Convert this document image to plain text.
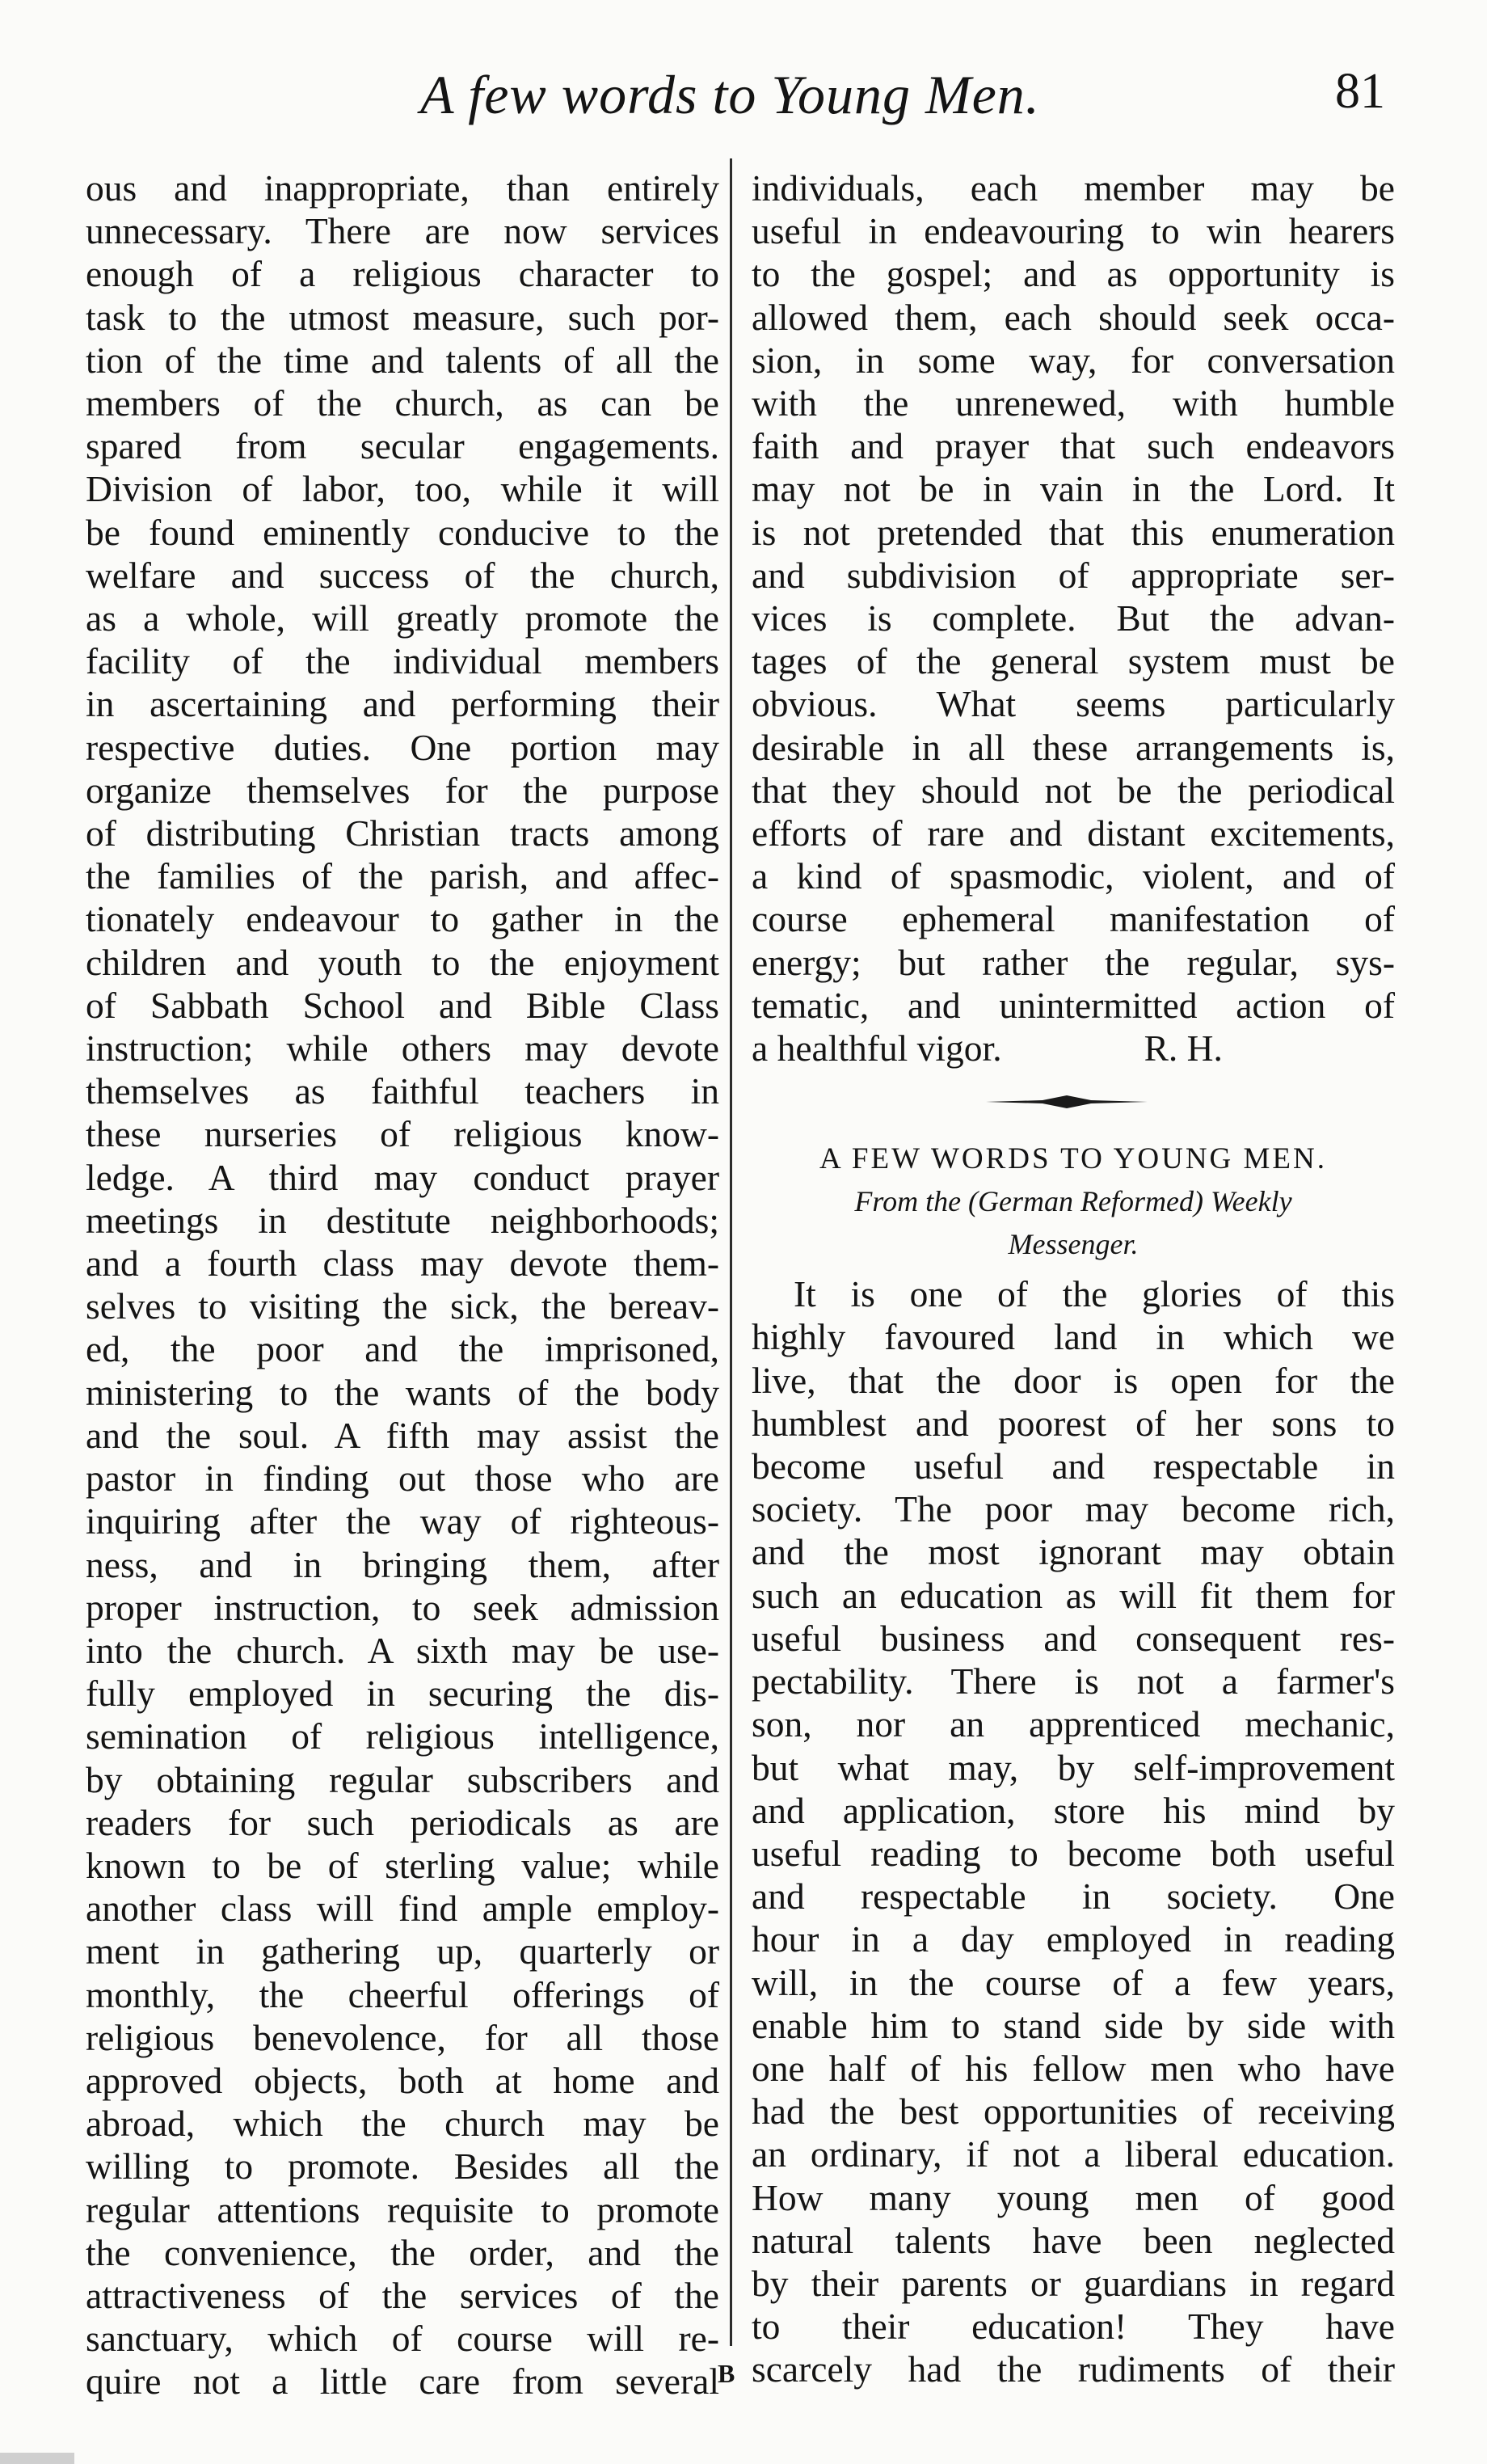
A few words to Young Men.	81
ous and inappropriate, than entirely
unnecessary. There are now services
enough of a religious character to
task to the utmost measure, such por-
tion of the time and talents of all the
members of the church, as can be
spared from secular engagements.
Division of labor, too, while it will
be found eminently conducive to the
welfare and success of the church,
as a whole, will greatly promote the
facility of the individual members
in ascertaining and performing their
respective duties. One portion may
organize themselves for the purpose
of distributing Christian tracts among
the families of the parish, and affec-
tionately endeavour to gather in the
children and youth to the enjoyment
of Sabbath School and Bible Class
instruction; while others may devote
themselves as faithful teachers in
these nurseries of religious know-
ledge. A third may conduct prayer
meetings in destitute neighborhoods;
and a fourth class may devote them-
selves to visiting the sick, the bereav-
ed, the poor and the imprisoned,
ministering to the wants of the body
and the soul. A fifth may assist the
pastor in finding out those who are
inquiring after the way of righteous-
ness, and in bringing them, after
proper instruction, to seek admission
into the church. A sixth may be use-
fully employed in securing the dis-
semination of religious intelligence,
by obtaining regular subscribers and
readers for such periodicals as are
known to be of sterling value; while
another class will find ample employ-
ment in gathering up, quarterly or
monthly, the cheerful offerings of
religious benevolence, for all those
approved objects, both at home and
abroad, which the church may be
willing to promote. Besides all the
regular attentions requisite to promote
the convenience, the order, and the
attractiveness of the services of the
sanctuary, which of course will re-
quire not a little care from several
individuals, each member may be
useful in endeavouring to win hearers
to the gospel; and as opportunity is
allowed them, each should seek occa-
sion, in some way, for conversation
with the unrenewed, with humble
faith and prayer that such endeavors
may not be in vain in the Lord. It
is not pretended that this enumeration
and subdivision of appropriate ser-
vices is complete. But the advan-
tages of the general system must be
obvious. What seems particularly
desirable in all these arrangements is,
that they should not be the periodical
efforts of rare and distant excitements,
a kind of spasmodic, violent, and of
course ephemeral manifestation of
energy; but rather the regular, sys-
tematic, and unintermitted action of
a healthful vigor.	R. H.
A FEW WORDS TO YOUNG MEN.
From the (German Reformed) Weekly
Messenger.
It is one of the glories of this
highly favoured land in which we
live, that the door is open for the
humblest and poorest of her sons to
become useful and respectable in
society. The poor may become rich,
and the most ignorant may obtain
such an education as will fit them for
useful business and consequent res-
pectability. There is not a farmer's
son, nor an apprenticed mechanic,
but what may, by self-improvement
and application, store his mind by
useful reading to become both useful
and respectable in society. One
hour in a day employed in reading
will, in the course of a few years,
enable him to stand side by side with
one half of his fellow men who have
had the best opportunities of receiving
an ordinary, if not a liberal education.
How many young men of good
natural talents have been neglected
by their parents or guardians in regard
to their education! They have
scarcely had the rudiments of their
B
